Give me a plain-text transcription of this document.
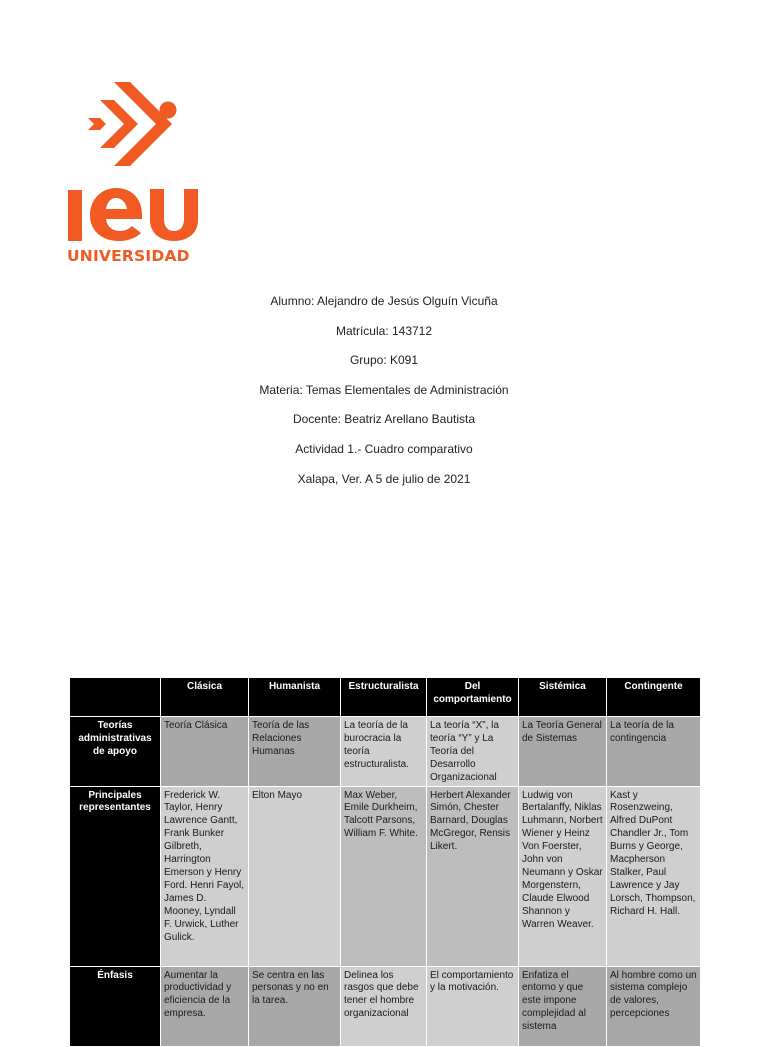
UNIVERSIDAD
Alumno: Alejandro de Jesús Olguín Vicuña
Matrícula: 143712
Grupo: K091
Materia: Temas Elementales de Administración
Docente: Beatriz Arellano Bautista
Actividad 1.- Cuadro comparativo
Xalapa, Ver. A 5 de julio de 2021
	Clásica	Humanista	Estructuralista	Del comportamiento	Sistémica	Contingente
Teorías administrativas de apoyo	Teoría Clásica	Teoría de las Relaciones Humanas	La teoría de la burocracia la teoría estructuralista.	La teoría “X”, la teoría “Y” y La Teoría del Desarrollo Organizacional	La Teoría General de Sistemas	La teoría de la contingencia
Principales representantes	Frederick W. Taylor, Henry Lawrence Gantt, Frank Bunker Gilbreth, Harrington Emerson y Henry Ford. Henri Fayol, James D. Mooney, Lyndall F. Urwick, Luther Gulick.	Elton Mayo	Max Weber, Emile Durkheim, Talcott Parsons, William F. White.	Herbert Alexander Simón, Chester Barnard, Douglas McGregor, Rensis Likert.	Ludwig von Bertalanffy, Niklas Luhmann, Norbert Wiener y Heinz Von Foerster, John von Neumann y Oskar Morgenstern, Claude Elwood Shannon y Warren Weaver.	Kast y Rosenzweing, Alfred DuPont Chandler Jr., Tom Burns y George, Macpherson Stalker, Paul Lawrence y Jay Lorsch, Thompson, Richard H. Hall.
Énfasis	Aumentar la productividad y eficiencia de la empresa.	Se centra en las personas y no en la tarea.	Delinea los rasgos que debe tener el hombre organizacional	El comportamiento y la motivación.	Enfatiza el entorno y que este impone complejidad al sistema	Al hombre como un sistema complejo de valores, percepciones
